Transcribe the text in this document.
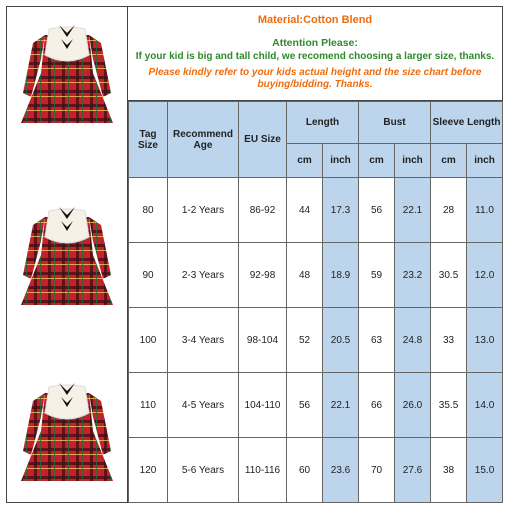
Material:Cotton Blend
Attention Please:
If your kid is big and tall child, we recomend choosing a larger size, thanks.
Please kindly refer to your kids actual height and the size chart before buying/bidding. Thanks.
Tag Size	Recommend Age	EU Size	Length		Bust		Sleeve Length	
			cm	inch	cm	inch	cm	inch
80	1-2 Years	86-92	44	17.3	56	22.1	28	11.0
90	2-3 Years	92-98	48	18.9	59	23.2	30.5	12.0
100	3-4 Years	98-104	52	20.5	63	24.8	33	13.0
110	4-5 Years	104-110	56	22.1	66	26.0	35.5	14.0
120	5-6 Years	110-116	60	23.6	70	27.6	38	15.0
